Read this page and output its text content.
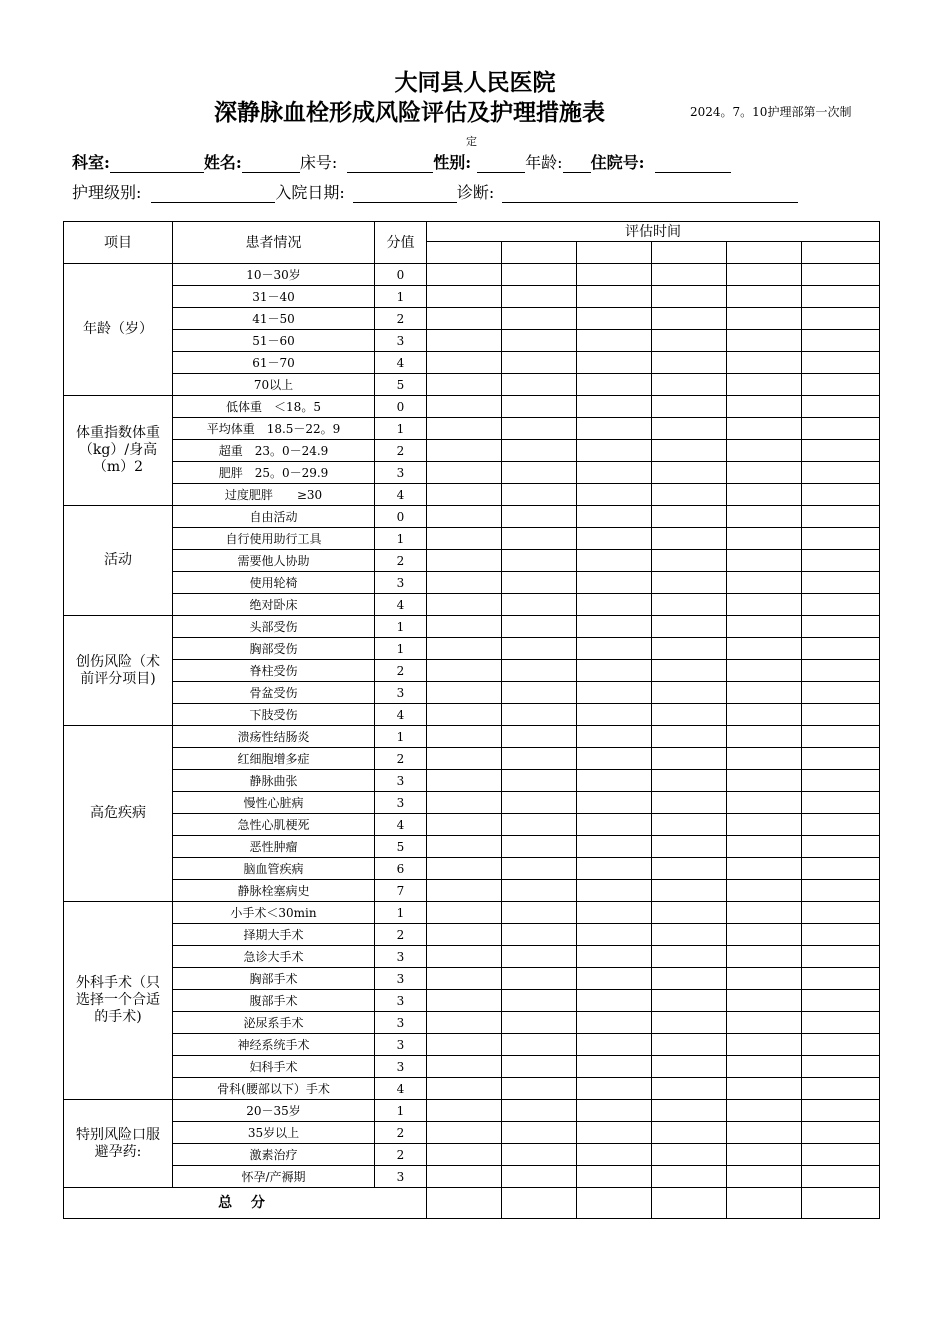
大同县人民医院
深静脉血栓形成风险评估及护理措施表	2024。7。10护理部第一次制
定
科室:	姓名:	床号:	性别:	年龄: 住院号:
护理级别:	入院日期:	诊断:
项目	患者情况	分值	评估时间					

年龄（岁）	10－30岁	0						
	31－40	1						
	41－50	2						
	51－60	3						
	61－70	4						
	70以上	5						
体重指数体重（kg）/身高（m）2	低体重　＜18。5	0						
	平均体重　18.5－22。9	1						
	超重　23。0－24.9	2						
	肥胖　25。0－29.9	3						
	过度肥胖　　≥30	4						
活动	自由活动	0						
	自行使用助行工具	1						
	需要他人协助	2						
	使用轮椅	3						
	绝对卧床	4						
创伤风险（术前评分项目)	头部受伤	1						
	胸部受伤	1						
	脊柱受伤	2						
	骨盆受伤	3						
	下肢受伤	4						
高危疾病	溃疡性结肠炎	1						
	红细胞增多症	2						
	静脉曲张	3						
	慢性心脏病	3						
	急性心肌梗死	4						
	恶性肿瘤	5						
	脑血管疾病	6						
	静脉栓塞病史	7						
外科手术（只选择一个合适的手术)	小手术＜30min	1						
	择期大手术	2						
	急诊大手术	3						
	胸部手术	3						
	腹部手术	3						
	泌尿系手术	3						
	神经系统手术	3						
	妇科手术	3						
	骨科(腰部以下）手术	4						
特别风险口服避孕药:	20－35岁	1						
	35岁以上	2						
	激素治疗	2						
	怀孕/产褥期	3						
总 分								
